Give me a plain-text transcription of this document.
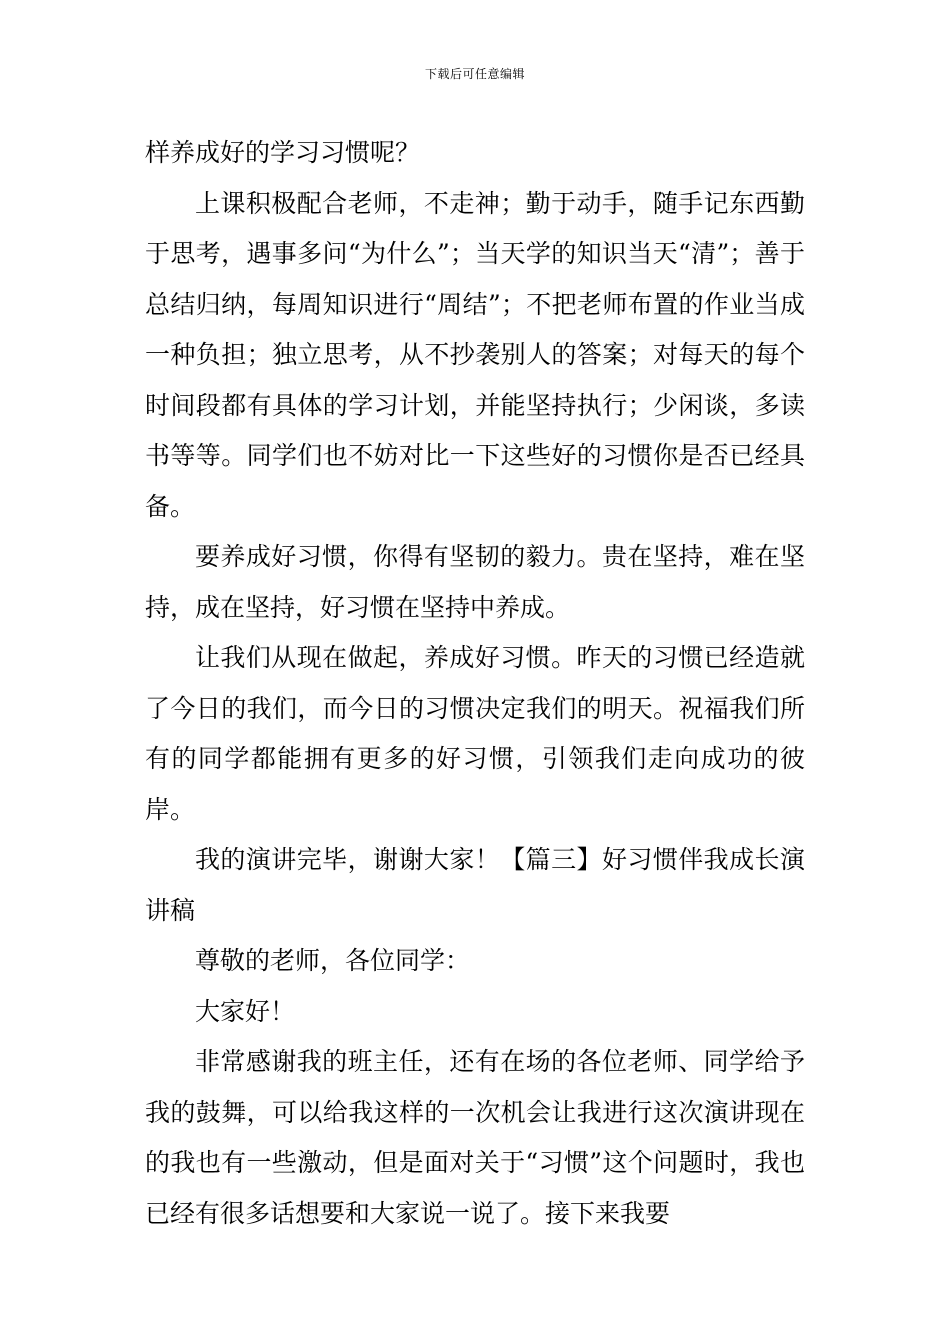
下载后可任意编辑

样养成好的学习习惯呢？

上课积极配合老师，不走神；勤于动手，随手记东西勤于思考，遇事多问“为什么”；当天学的知识当天“清”；善于总结归纳，每周知识进行“周结”；不把老师布置的作业当成一种负担；独立思考，从不抄袭别人的答案；对每天的每个时间段都有具体的学习计划，并能坚持执行；少闲谈，多读书等等。同学们也不妨对比一下这些好的习惯你是否已经具备。

要养成好习惯，你得有坚韧的毅力。贵在坚持，难在坚持，成在坚持，好习惯在坚持中养成。

让我们从现在做起，养成好习惯。昨天的习惯已经造就了今日的我们，而今日的习惯决定我们的明天。祝福我们所有的同学都能拥有更多的好习惯，引领我们走向成功的彼岸。

我的演讲完毕，谢谢大家！【篇三】好习惯伴我成长演讲稿

尊敬的老师，各位同学：

大家好！

非常感谢我的班主任，还有在场的各位老师、同学给予我的鼓舞，可以给我这样的一次机会让我进行这次演讲现在的我也有一些激动，但是面对关于“习惯”这个问题时，我也已经有很多话想要和大家说一说了。接下来我要
